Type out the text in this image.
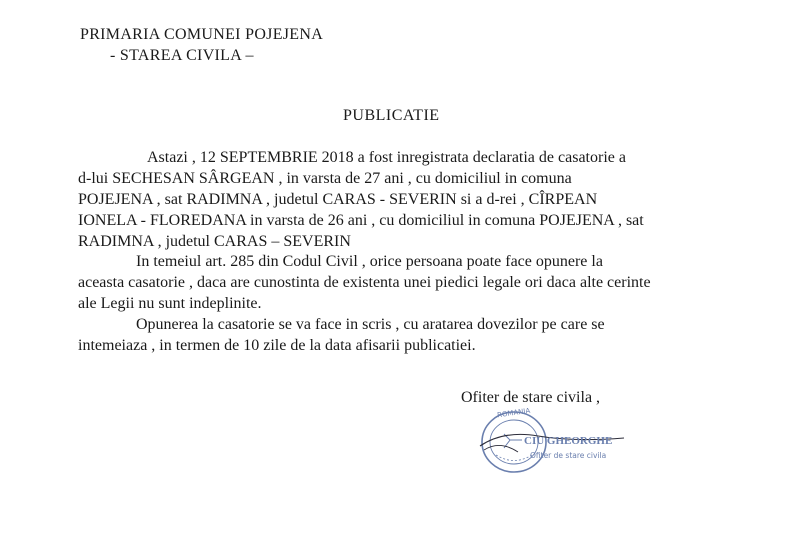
PRIMARIA COMUNEI POJEJENA
- STAREA CIVILA –
PUBLICATIE
Astazi , 12 SEPTEMBRIE 2018 a fost inregistrata declaratia de casatorie a
d-lui SECHESAN SÂRGEAN , in varsta de 27 ani , cu domiciliul in comuna
POJEJENA , sat RADIMNA , judetul CARAS - SEVERIN si a d-rei , CÎRPEAN
IONELA - FLOREDANA in varsta de 26 ani , cu domiciliul in comuna POJEJENA , sat
RADIMNA , judetul CARAS – SEVERIN
In temeiul art. 285 din Codul Civil , orice persoana poate face opunere la
aceasta casatorie , daca are cunostinta de existenta unei piedici legale ori daca alte cerinte
ale Legii nu sunt indeplinite.
Opunerea la casatorie se va face in scris , cu aratarea dovezilor pe care se
intemeiaza , in termen de 10 zile de la data afisarii publicatiei.
Ofiter de stare civila ,
ROMANIA
CIU GHEORGHE
Ofiter de stare civila
